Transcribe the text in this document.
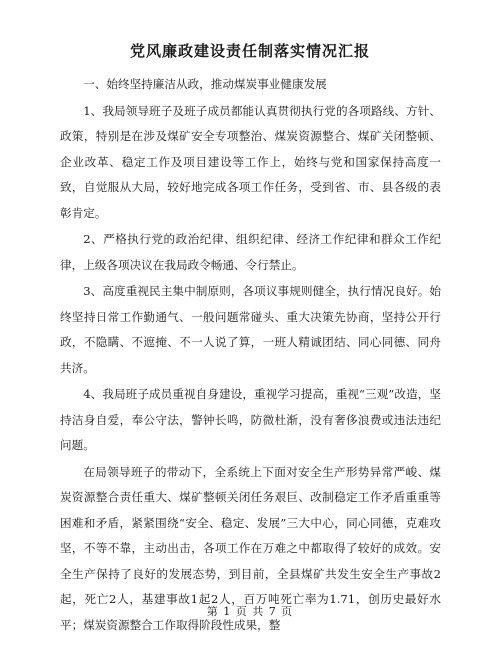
党风廉政建设责任制落实情况汇报

一、始终坚持廉洁从政，推动煤炭事业健康发展

1、我局领导班子及班子成员都能认真贯彻执行党的各项路线、方针、政策，特别是在涉及煤矿安全专项整治、煤炭资源整合、煤矿关闭整顿、企业改革、稳定工作及项目建设等工作上，始终与党和国家保持高度一致，自觉服从大局，较好地完成各项工作任务，受到省、市、县各级的表彰肯定。

2、严格执行党的政治纪律、组织纪律、经济工作纪律和群众工作纪律，上级各项决议在我局政令畅通、令行禁止。

3、高度重视民主集中制原则，各项议事规则健全，执行情况良好。始终坚持日常工作勤通气、一般问题常碰头、重大决策先协商，坚持公开行政，不隐瞒、不遮掩、不一人说了算，一班人精诚团结、同心同德、同舟共济。

4、我局班子成员重视自身建设，重视学习提高，重视“三观”改造，坚持洁身自爱，奉公守法，警钟长鸣，防微杜渐，没有奢侈浪费或违法违纪问题。

在局领导班子的带动下，全系统上下面对安全生产形势异常严峻、煤炭资源整合责任重大、煤矿整顿关闭任务艰巨、改制稳定工作矛盾重重等困难和矛盾，紧紧围绕“安全、稳定、发展”三大中心，同心同德，克难攻坚，不等不靠，主动出击，各项工作在万难之中都取得了较好的成效。安全生产保持了良好的发展态势，到目前，全县煤矿共发生安全生产事故2起，死亡2人，基建事故1起2人，百万吨死亡率为1.71，创历史最好水平；煤炭资源整合工作取得阶段性成果，整

第 1 页 共 7 页
